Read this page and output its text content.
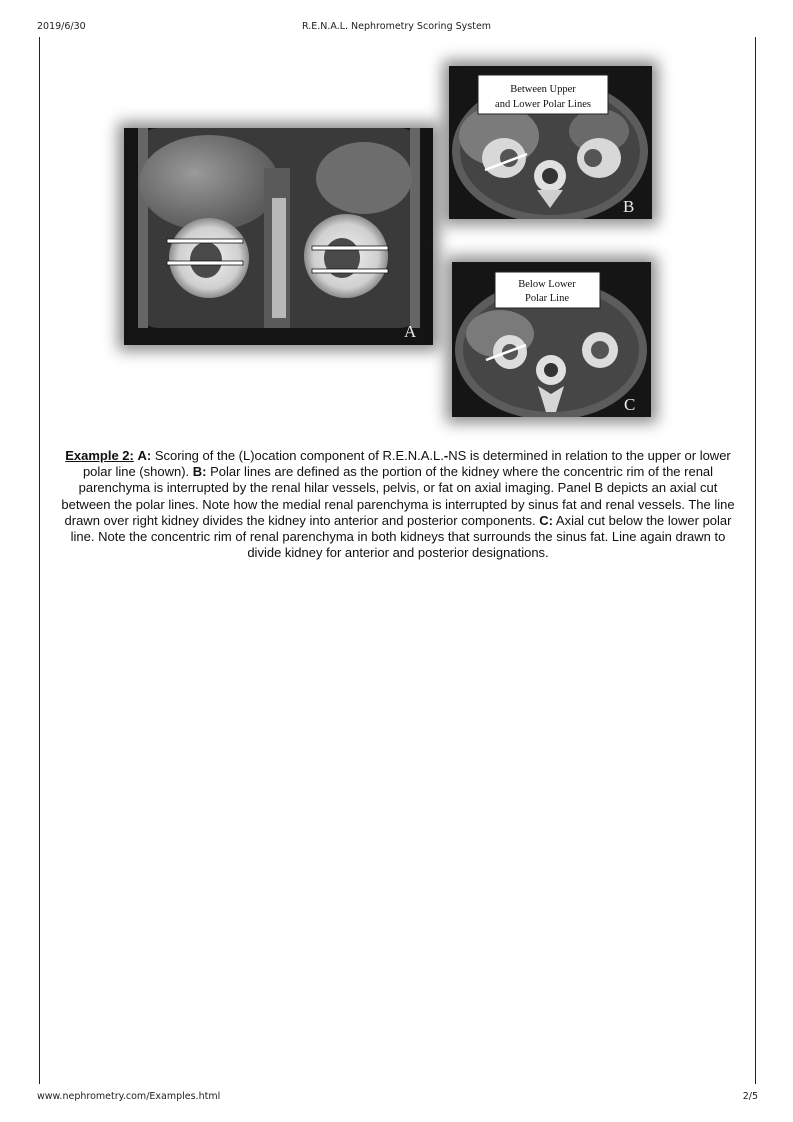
2019/6/30	R.E.N.A.L. Nephrometry Scoring System
A
Between Upper
and Lower Polar Lines
B
Below Lower
Polar Line
C
Example 2: A: Scoring of the (L)ocation component of R.E.N.A.L.-NS is determined in relation to the upper or lower polar line (shown). B: Polar lines are defined as the portion of the kidney where the concentric rim of the renal parenchyma is interrupted by the renal hilar vessels, pelvis, or fat on axial imaging. Panel B depicts an axial cut between the polar lines. Note how the medial renal parenchyma is interrupted by sinus fat and renal vessels. The line drawn over right kidney divides the kidney into anterior and posterior components. C: Axial cut below the lower polar line. Note the concentric rim of renal parenchyma in both kidneys that surrounds the sinus fat. Line again drawn to divide kidney for anterior and posterior designations.
www.nephrometry.com/Examples.html	2/5
